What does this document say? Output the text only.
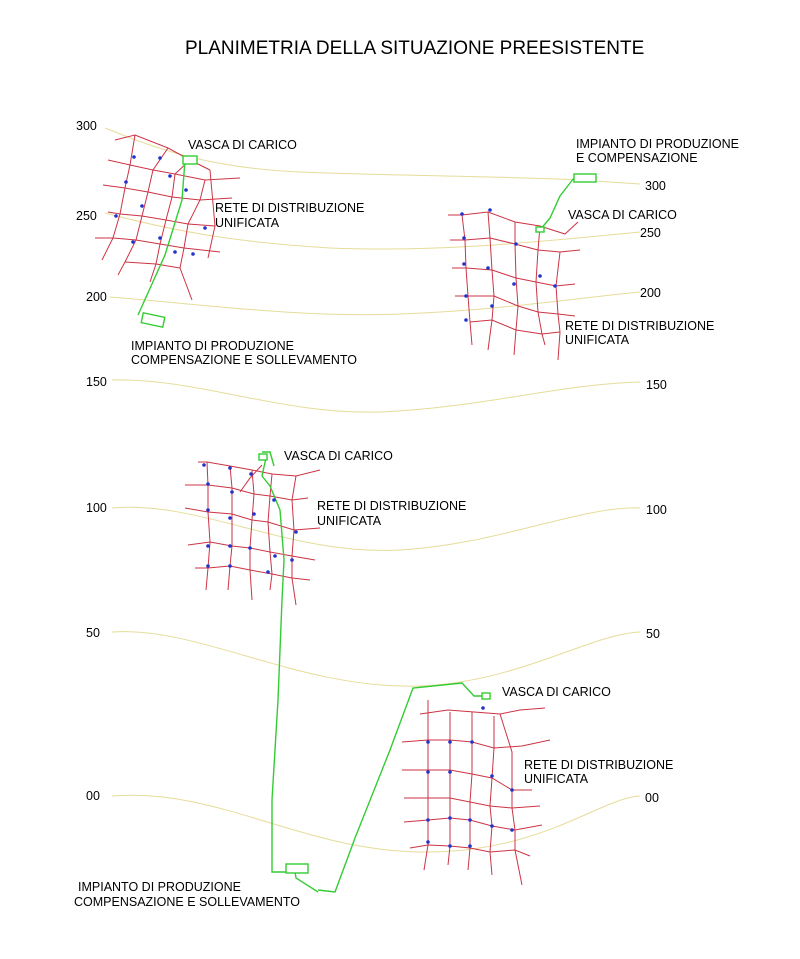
PLANIMETRIA DELLA SITUAZIONE PREESISTENTE
300
250
200
150
300
250
200
150
100
50
00
100
50
00
VASCA DI CARICO
RETE DI DISTRIBUZIONE
UNIFICATA
IMPIANTO DI PRODUZIONE
COMPENSAZIONE E SOLLEVAMENTO
IMPIANTO DI PRODUZIONE
E COMPENSAZIONE
VASCA DI CARICO
RETE DI DISTRIBUZIONE
UNIFICATA
VASCA DI CARICO
RETE DI DISTRIBUZIONE
UNIFICATA
VASCA DI CARICO
RETE DI DISTRIBUZIONE
UNIFICATA
IMPIANTO DI PRODUZIONE
COMPENSAZIONE E SOLLEVAMENTO
